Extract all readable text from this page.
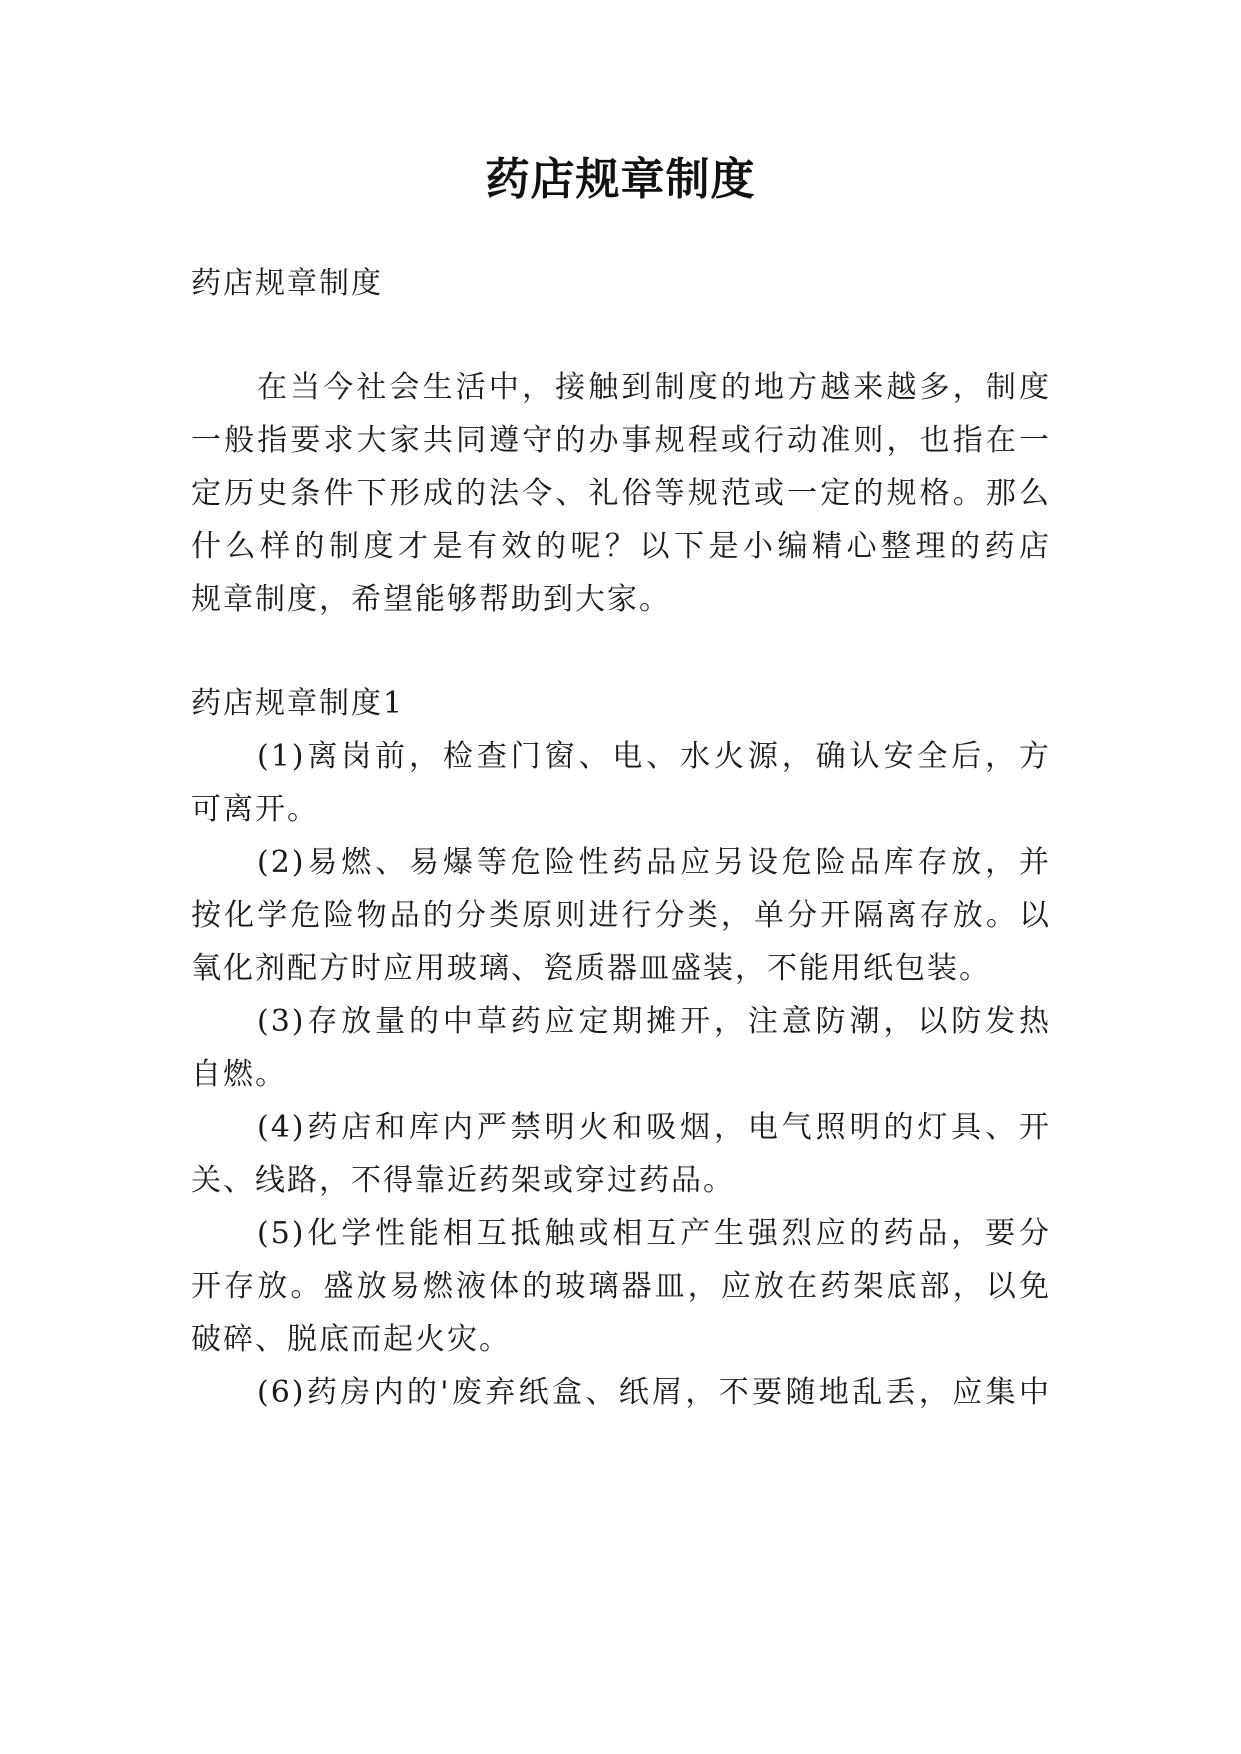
药店规章制度
药店规章制度
在当今社会生活中，接触到制度的地方越来越多，制度
一般指要求大家共同遵守的办事规程或行动准则，也指在一
定历史条件下形成的法令、礼俗等规范或一定的规格。那么
什么样的制度才是有效的呢？以下是小编精心整理的药店
规章制度，希望能够帮助到大家。
药店规章制度1
(1)离岗前，检查门窗、电、水火源，确认安全后，方
可离开。
(2)易燃、易爆等危险性药品应另设危险品库存放，并
按化学危险物品的分类原则进行分类，单分开隔离存放。以
氧化剂配方时应用玻璃、瓷质器皿盛装，不能用纸包装。
(3)存放量的中草药应定期摊开，注意防潮，以防发热
自燃。
(4)药店和库内严禁明火和吸烟，电气照明的灯具、开
关、线路，不得靠近药架或穿过药品。
(5)化学性能相互抵触或相互产生强烈应的药品，要分
开存放。盛放易燃液体的玻璃器皿，应放在药架底部，以免
破碎、脱底而起火灾。
(6)药房内的'废弃纸盒、纸屑，不要随地乱丢，应集中
